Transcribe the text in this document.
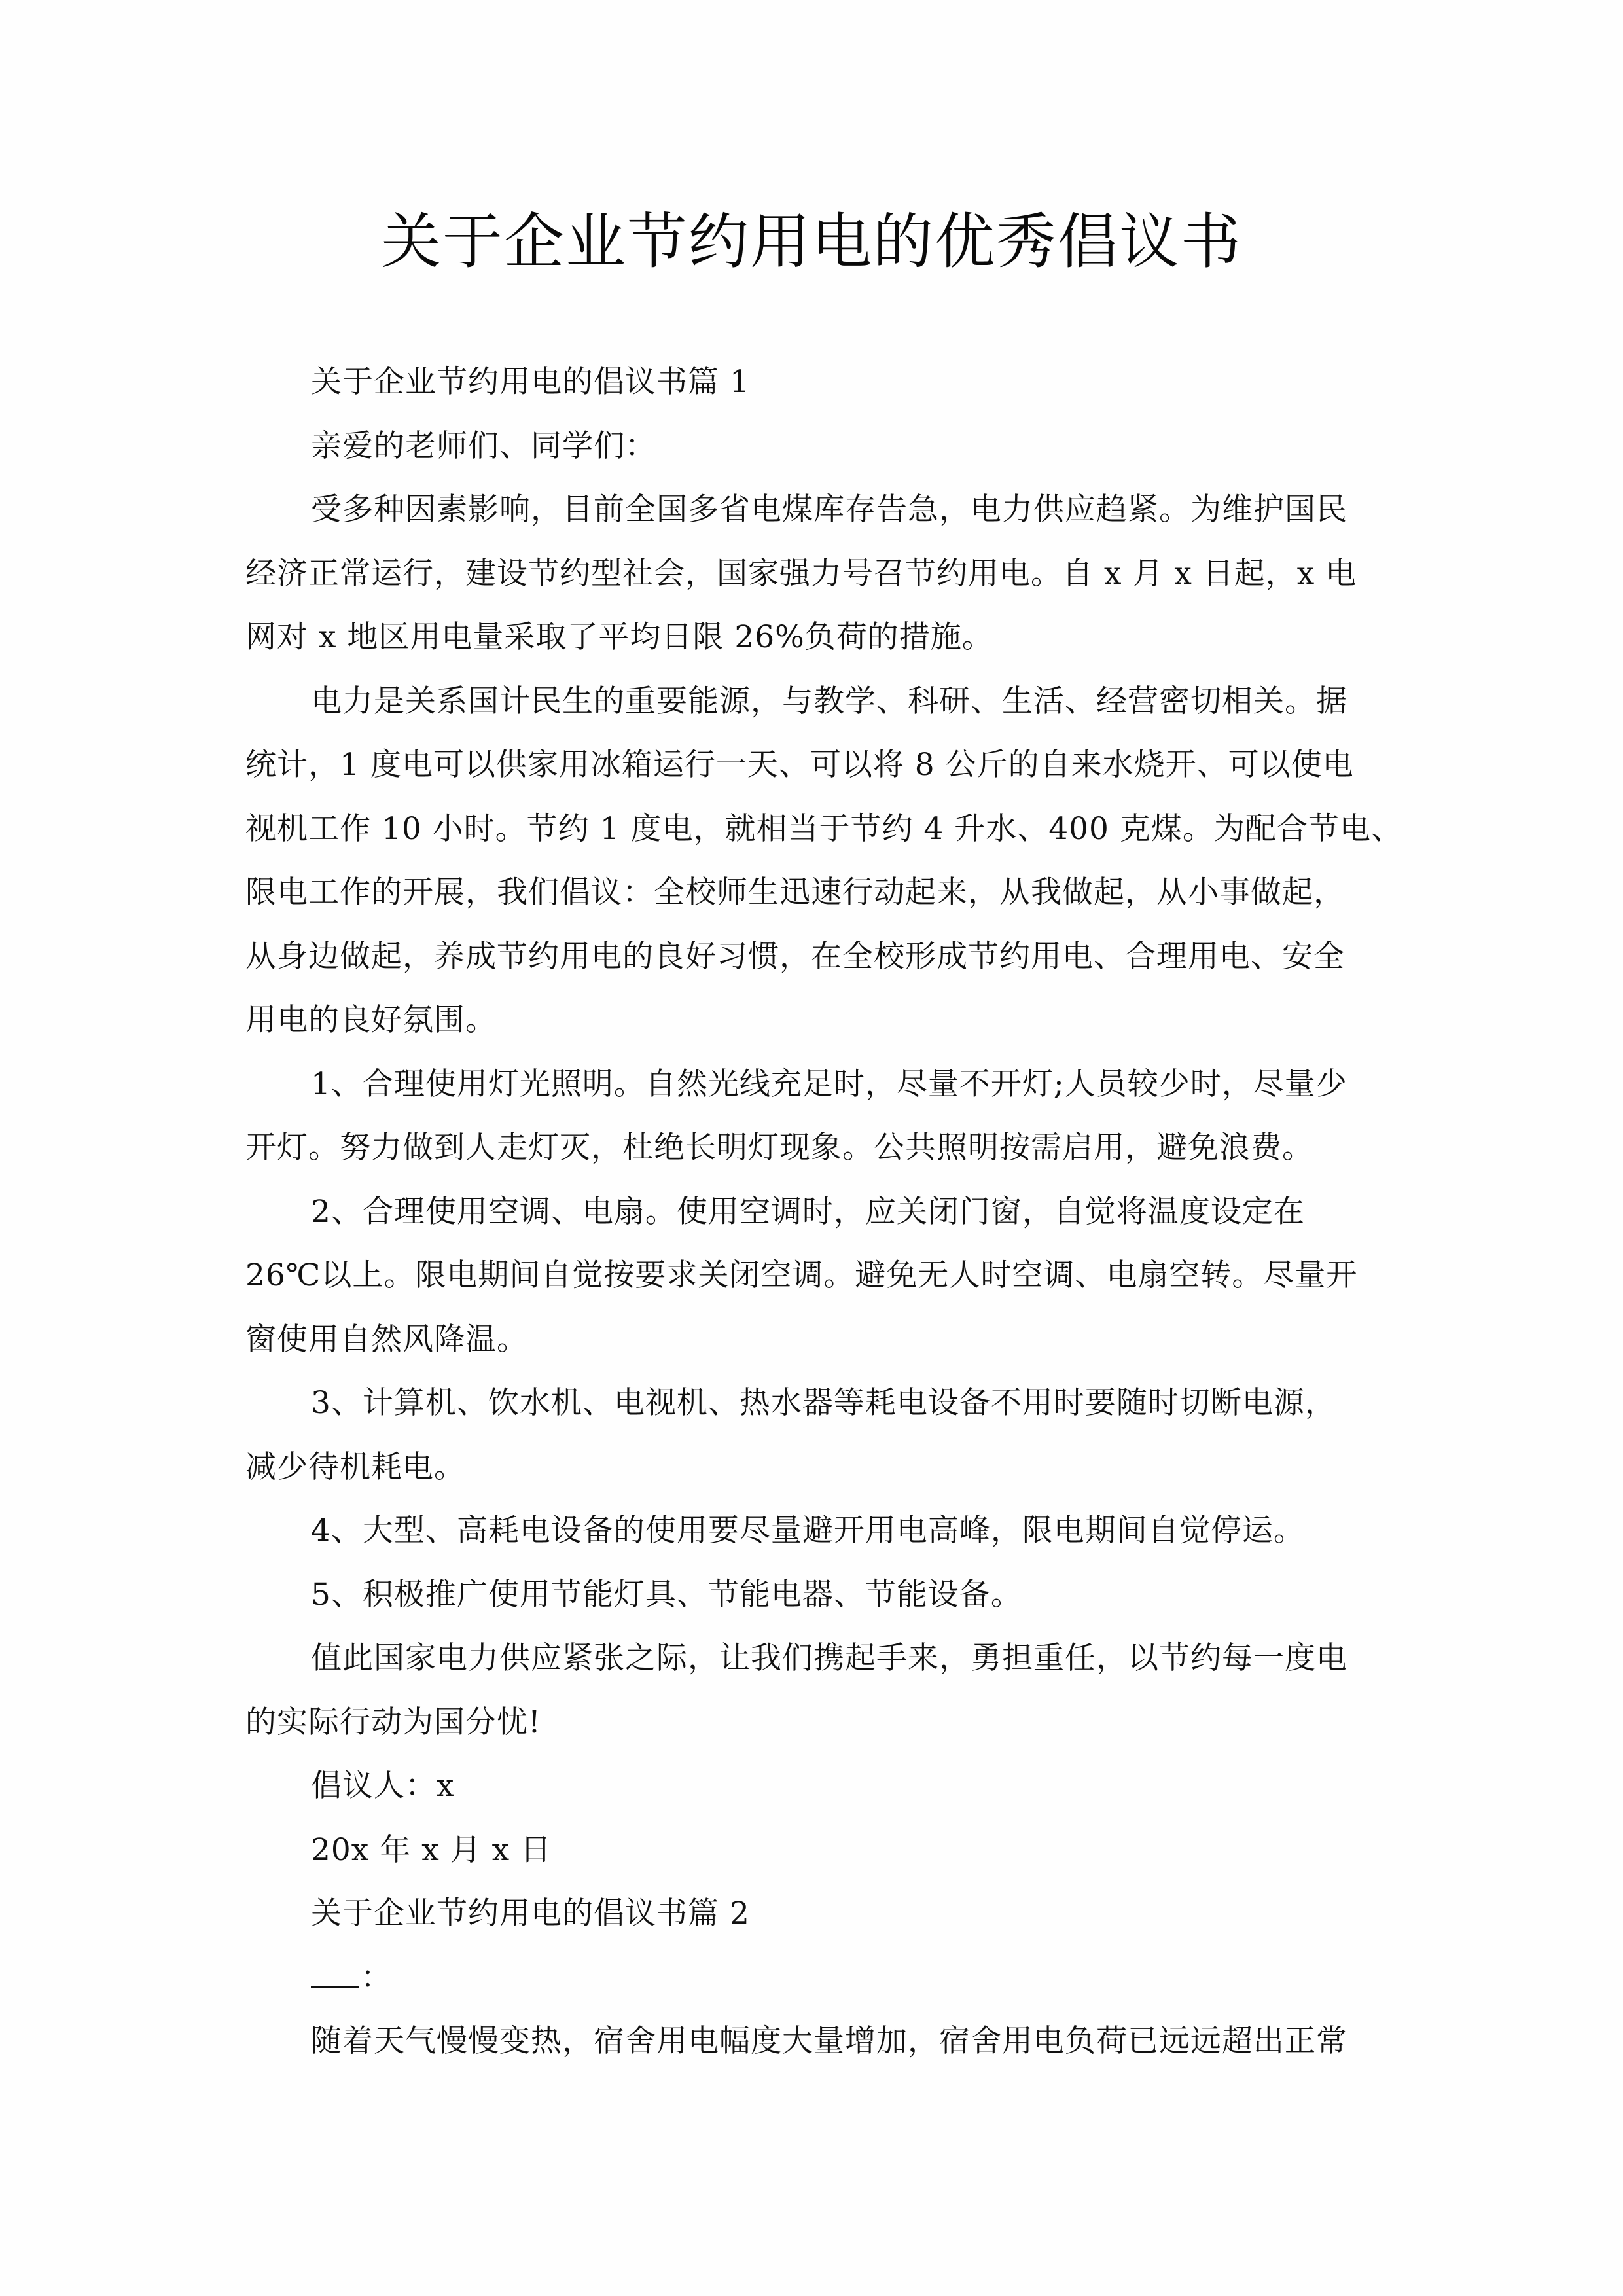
关于企业节约用电的优秀倡议书
关于企业节约用电的倡议书篇 1
亲爱的老师们、同学们：
受多种因素影响，目前全国多省电煤库存告急，电力供应趋紧。为维护国民
经济正常运行，建设节约型社会，国家强力号召节约用电。自 x 月 x 日起，x 电
网对 x 地区用电量采取了平均日限 26%负荷的措施。
电力是关系国计民生的重要能源，与教学、科研、生活、经营密切相关。据
统计，1 度电可以供家用冰箱运行一天、可以将 8 公斤的自来水烧开、可以使电
视机工作 10 小时。节约 1 度电，就相当于节约 4 升水、400 克煤。为配合节电、
限电工作的开展，我们倡议：全校师生迅速行动起来，从我做起，从小事做起，
从身边做起，养成节约用电的良好习惯，在全校形成节约用电、合理用电、安全
用电的良好氛围。
1、合理使用灯光照明。自然光线充足时，尽量不开灯;人员较少时，尽量少
开灯。努力做到人走灯灭，杜绝长明灯现象。公共照明按需启用，避免浪费。
2、合理使用空调、电扇。使用空调时，应关闭门窗，自觉将温度设定在
26℃以上。限电期间自觉按要求关闭空调。避免无人时空调、电扇空转。尽量开
窗使用自然风降温。
3、计算机、饮水机、电视机、热水器等耗电设备不用时要随时切断电源，
减少待机耗电。
4、大型、高耗电设备的使用要尽量避开用电高峰，限电期间自觉停运。
5、积极推广使用节能灯具、节能电器、节能设备。
值此国家电力供应紧张之际，让我们携起手来，勇担重任，以节约每一度电
的实际行动为国分忧!
倡议人：x
20x 年 x 月 x 日
关于企业节约用电的倡议书篇 2
：
随着天气慢慢变热，宿舍用电幅度大量增加，宿舍用电负荷已远远超出正常
